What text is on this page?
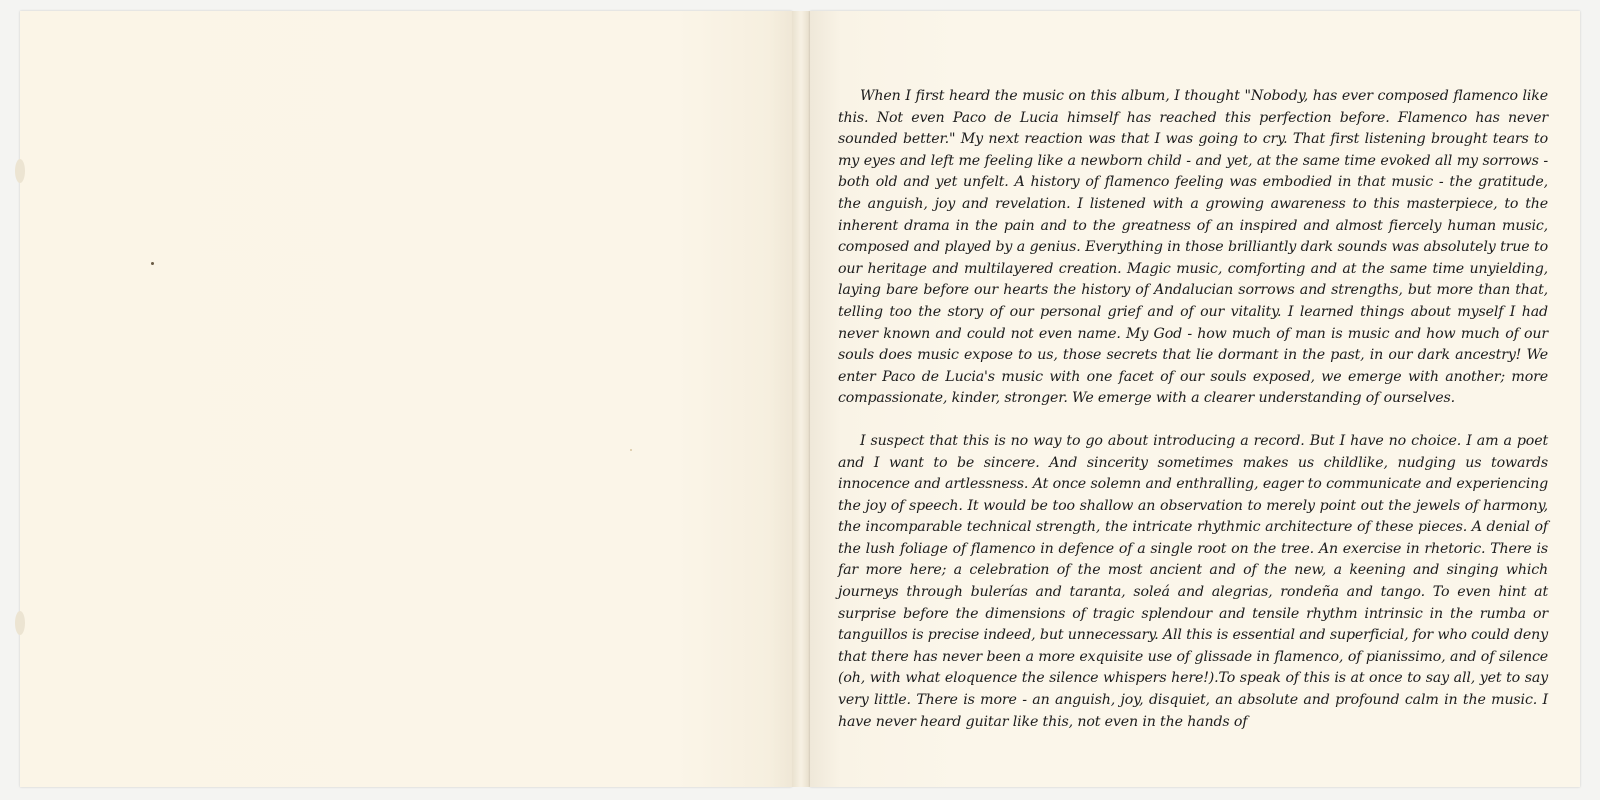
When I first heard the music on this album, I thought "Nobody, has ever composed flamenco like this. Not even Paco de Lucia himself has reached this perfection before. Flamenco has never sounded better." My next reaction was that I was going to cry. That first listening brought tears to my eyes and left me feeling like a newborn child - and yet, at the same time evoked all my sorrows - both old and yet unfelt. A history of flamenco feeling was embodied in that music - the gratitude, the anguish, joy and revelation. I listened with a growing awareness to this masterpiece, to the inherent drama in the pain and to the greatness of an inspired and almost fiercely human music, composed and played by a genius. Everything in those brilliantly dark sounds was absolutely true to our heritage and multilayered creation. Magic music, comforting and at the same time unyielding, laying bare before our hearts the history of Andalucian sorrows and strengths, but more than that, telling too the story of our personal grief and of our vitality. I learned things about myself I had never known and could not even name. My God - how much of man is music and how much of our souls does music expose to us, those secrets that lie dormant in the past, in our dark ancestry! We enter Paco de Lucia's music with one facet of our souls exposed, we emerge with another; more compassionate, kinder, stronger. We emerge with a clearer understanding of ourselves.

I suspect that this is no way to go about introducing a record. But I have no choice. I am a poet and I want to be sincere. And sincerity sometimes makes us childlike, nudging us towards innocence and artlessness. At once solemn and enthralling, eager to communicate and experiencing the joy of speech. It would be too shallow an observation to merely point out the jewels of harmony, the incomparable technical strength, the intricate rhythmic architecture of these pieces. A denial of the lush foliage of flamenco in defence of a single root on the tree. An exercise in rhetoric. There is far more here; a celebration of the most ancient and of the new, a keening and singing which journeys through bulerías and taranta, soleá and alegrias, rondeña and tango. To even hint at surprise before the dimensions of tragic splendour and tensile rhythm intrinsic in the rumba or tanguillos is precise indeed, but unnecessary. All this is essential and superficial, for who could deny that there has never been a more exquisite use of glissade in flamenco, of pianissimo, and of silence (oh, with what eloquence the silence whispers here!).To speak of this is at once to say all, yet to say very little. There is more - an anguish, joy, disquiet, an absolute and profound calm in the music. I have never heard guitar like this, not even in the hands of
